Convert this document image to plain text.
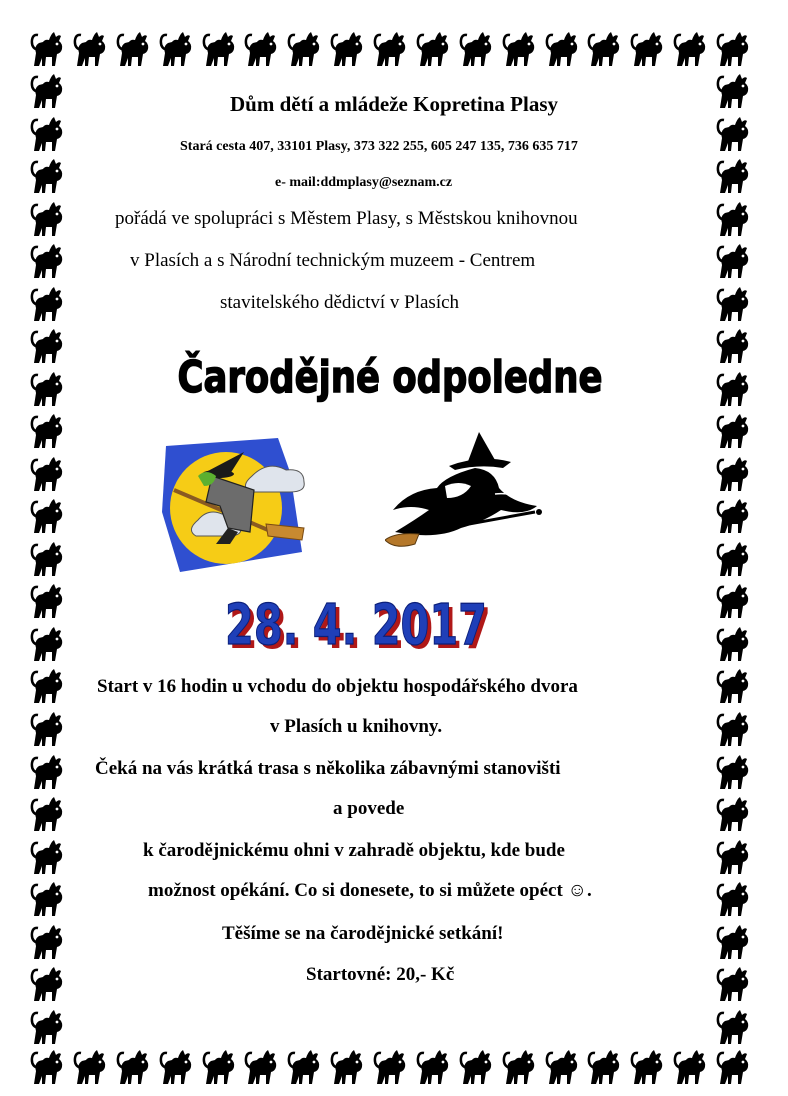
Dům dětí a mládeže Kopretina Plasy
Stará cesta 407, 33101 Plasy, 373 322 255, 605 247 135, 736 635 717
e- mail:ddmplasy@seznam.cz
pořádá ve spolupráci s Městem Plasy, s Městskou knihovnou
v Plasích a s Národní technickým muzeem - Centrem
stavitelského dědictví v Plasích
Čarodějné odpole
28. 4. 2017
28. 4. 2017
Start v 16 hodin u vchodu do objektu hospodářského dvora
v Plasích u knihovny.
Čeká na vás krátká trasa s několika zábavnými stanovišti
a povede
k čarodějnickému ohni v zahradě objektu, kde bude
možnost opékání. Co si donesete, to si můžete opéct ☺.
Těšíme se na čarodějnické setkání!
Startovné: 20,- Kč
